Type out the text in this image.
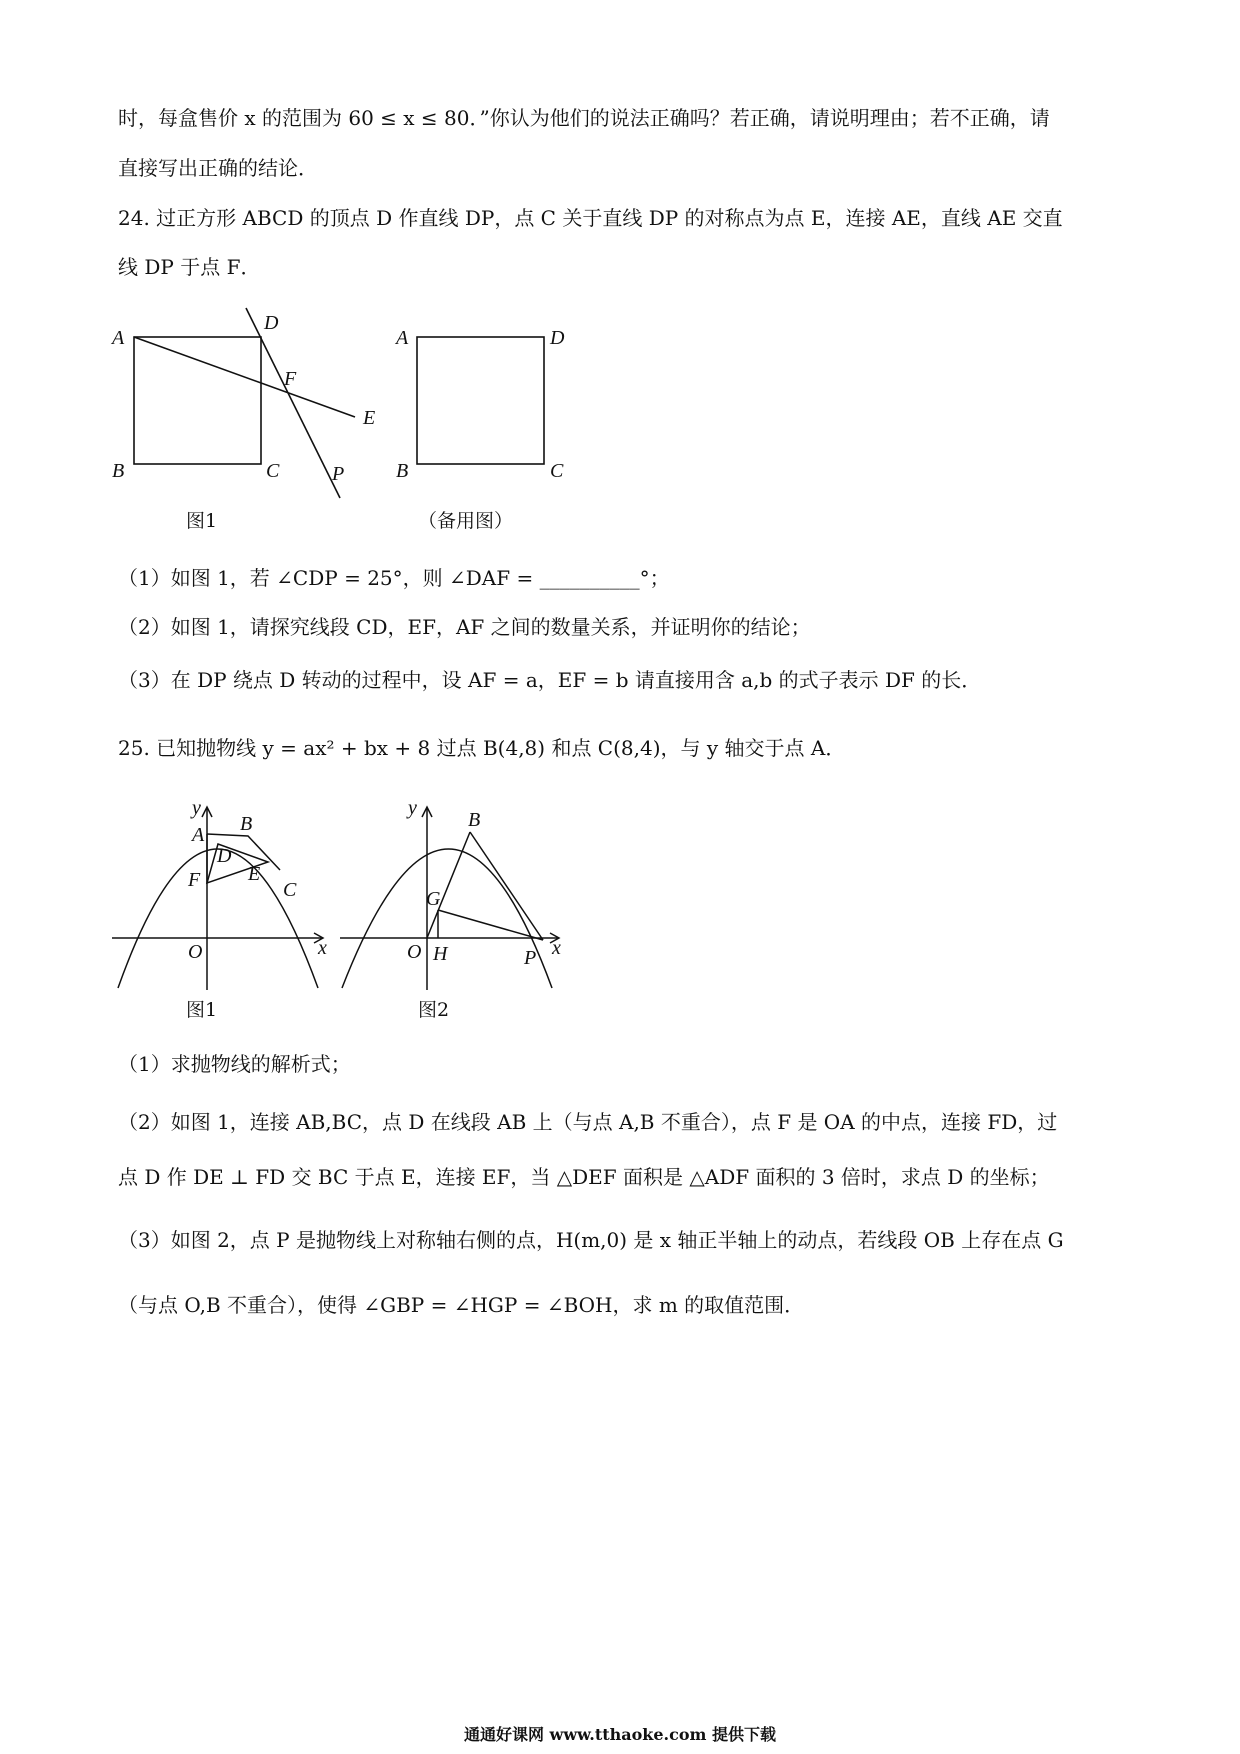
时，每盒售价 x 的范围为 60 ≤ x ≤ 80．”你认为他们的说法正确吗？若正确，请说明理由；若不正确，请
直接写出正确的结论．
24. 过正方形 ABCD 的顶点 D 作直线 DP，点 C 关于直线 DP 的对称点为点 E，连接 AE，直线 AE 交直
线 DP 于点 F．
A
B	C
D
F
E
P
图1
A	D
B	C
（备用图）
（1）如图 1，若 ∠CDP = 25°，则 ∠DAF = __________°；
（2）如图 1，请探究线段 CD，EF，AF 之间的数量关系，并证明你的结论；
（3）在 DP 绕点 D 转动的过程中，设 AF = a，EF = b 请直接用含 a,b 的式子表示 DF 的长．
25. 已知抛物线 y = ax² + bx + 8 过点 B(4,8) 和点 C(8,4)，与 y 轴交于点 A．
y
A B
D
F E
C
O	x
图1
y
B
G
O H	P x
图2
（1）求抛物线的解析式；
（2）如图 1，连接 AB,BC，点 D 在线段 AB 上（与点 A,B 不重合），点 F 是 OA 的中点，连接 FD，过
点 D 作 DE ⊥ FD 交 BC 于点 E，连接 EF，当 △DEF 面积是 △ADF 面积的 3 倍时，求点 D 的坐标；
（3）如图 2，点 P 是抛物线上对称轴右侧的点，H(m,0) 是 x 轴正半轴上的动点，若线段 OB 上存在点 G
（与点 O,B 不重合），使得 ∠GBP = ∠HGP = ∠BOH，求 m 的取值范围．
通通好课网 www.tthaoke.com 提供下载
